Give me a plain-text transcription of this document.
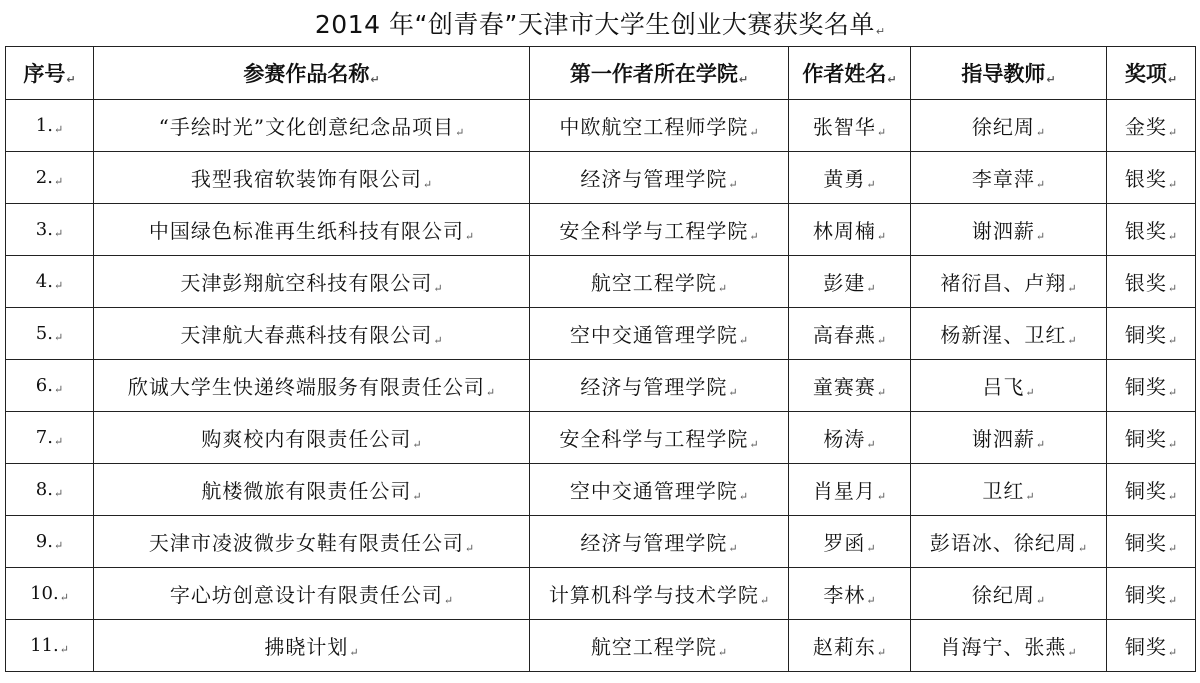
2014 年“创青春”天津市大学生创业大赛获奖名单↵
序号↵	参赛作品名称↵	第一作者所在学院↵	作者姓名↵	指导教师↵	奖项↵
1.↵	“手绘时光”文化创意纪念品项目↵	中欧航空工程师学院↵	张智华↵	徐纪周↵	金奖↵
2.↵	我型我宿软装饰有限公司↵	经济与管理学院↵	黄勇↵	李章萍↵	银奖↵
3.↵	中国绿色标准再生纸科技有限公司↵	安全科学与工程学院↵	林周楠↵	谢泗薪↵	银奖↵
4.↵	天津彭翔航空科技有限公司↵	航空工程学院↵	彭建↵	褚衍昌、卢翔↵	银奖↵
5.↵	天津航大春燕科技有限公司↵	空中交通管理学院↵	高春燕↵	杨新湦、卫红↵	铜奖↵
6.↵	欣诚大学生快递终端服务有限责任公司↵	经济与管理学院↵	童赛赛↵	吕飞↵	铜奖↵
7.↵	购爽校内有限责任公司↵	安全科学与工程学院↵	杨涛↵	谢泗薪↵	铜奖↵
8.↵	航楼微旅有限责任公司↵	空中交通管理学院↵	肖星月↵	卫红↵	铜奖↵
9.↵	天津市凌波微步女鞋有限责任公司↵	经济与管理学院↵	罗函↵	彭语冰、徐纪周↵	铜奖↵
10.↵	字心坊创意设计有限责任公司↵	计算机科学与技术学院↵	李林↵	徐纪周↵	铜奖↵
11.↵	拂晓计划↵	航空工程学院↵	赵莉东↵	肖海宁、张燕↵	铜奖↵
